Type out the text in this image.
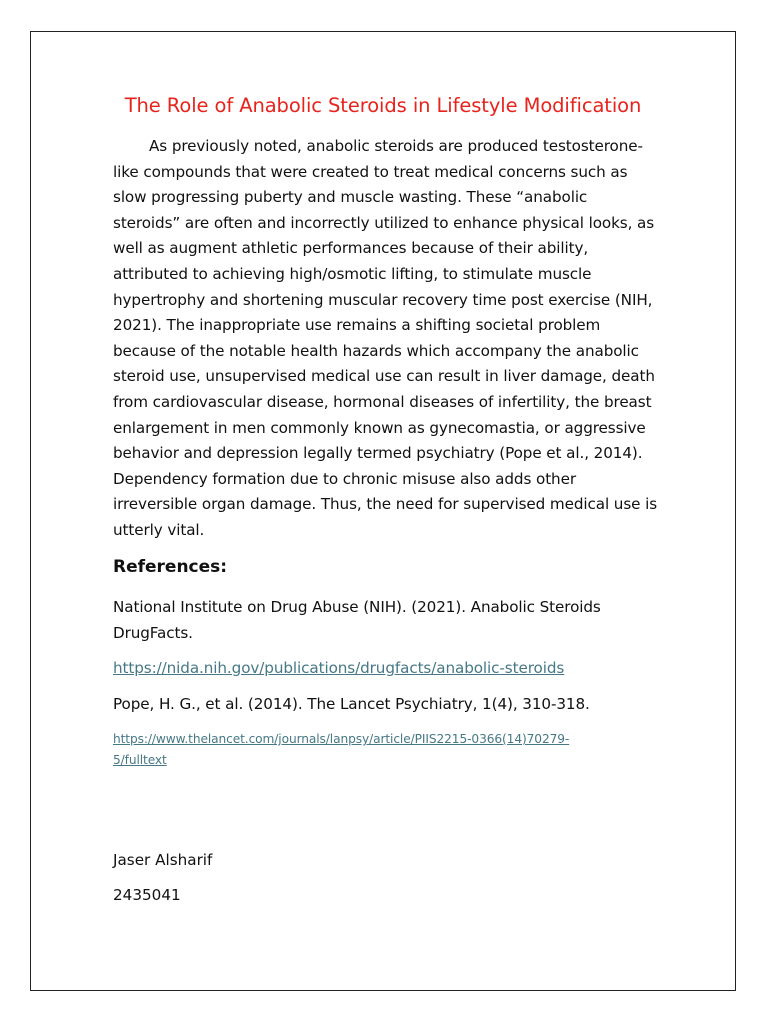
The Role of Anabolic Steroids in Lifestyle Modification

As previously noted, anabolic steroids are produced testosterone-
like compounds that were created to treat medical concerns such as
slow progressing puberty and muscle wasting. These “anabolic
steroids” are often and incorrectly utilized to enhance physical looks, as
well as augment athletic performances because of their ability,
attributed to achieving high/osmotic lifting, to stimulate muscle
hypertrophy and shortening muscular recovery time post exercise (NIH,
2021). The inappropriate use remains a shifting societal problem
because of the notable health hazards which accompany the anabolic
steroid use, unsupervised medical use can result in liver damage, death
from cardiovascular disease, hormonal diseases of infertility, the breast
enlargement in men commonly known as gynecomastia, or aggressive
behavior and depression legally termed psychiatry (Pope et al., 2014).
Dependency formation due to chronic misuse also adds other
irreversible organ damage. Thus, the need for supervised medical use is
utterly vital.

References:

National Institute on Drug Abuse (NIH). (2021). Anabolic Steroids
DrugFacts.

https://nida.nih.gov/publications/drugfacts/anabolic-steroids

Pope, H. G., et al. (2014). The Lancet Psychiatry, 1(4), 310-318.

https://www.thelancet.com/journals/lanpsy/article/PIIS2215-0366(14)70279-
5/fulltext

Jaser Alsharif

2435041
